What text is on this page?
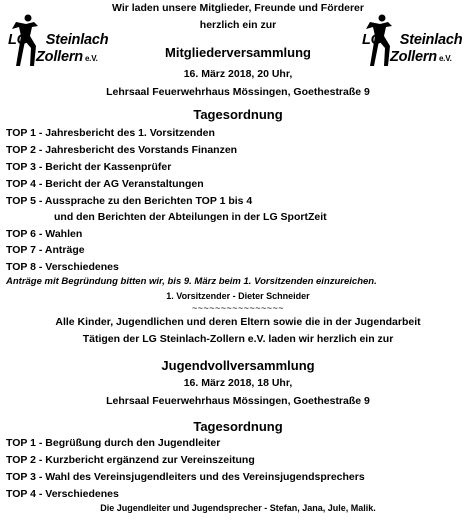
LG Steinlach
Zollern e.V.
LG Steinlach
Zollern e.V.
Wir laden unsere Mitglieder, Freunde und Förderer
herzlich ein zur
Mitgliederversammlung
16. März 2018, 20 Uhr,
Lehrsaal Feuerwehrhaus Mössingen, Goethestraße 9
Tagesordnung
TOP 1 - Jahresbericht des 1. Vorsitzenden
TOP 2 - Jahresbericht des Vorstands Finanzen
TOP 3 - Bericht der Kassenprüfer
TOP 4 - Bericht der AG Veranstaltungen
TOP 5 - Aussprache zu den Berichten TOP 1 bis 4
und den Berichten der Abteilungen in der LG SportZeit
TOP 6 - Wahlen
TOP 7 - Anträge
TOP 8 - Verschiedenes
Anträge mit Begründung bitten wir, bis 9. März beim 1. Vorsitzenden einzureichen.
1. Vorsitzender - Dieter Schneider
~~~~~~~~~~~~~~~~
Alle Kinder, Jugendlichen und deren Eltern sowie die in der Jugendarbeit
Tätigen der LG Steinlach-Zollern e.V. laden wir herzlich ein zur
Jugendvollversammlung
16. März 2018, 18 Uhr,
Lehrsaal Feuerwehrhaus Mössingen, Goethestraße 9
Tagesordnung
TOP 1 - Begrüßung durch den Jugendleiter
TOP 2 - Kurzbericht ergänzend zur Vereinszeitung
TOP 3 - Wahl des Vereinsjugendleiters und des Vereinsjugendsprechers
TOP 4 - Verschiedenes
Die Jugendleiter und Jugendsprecher - Stefan, Jana, Jule, Malik.
